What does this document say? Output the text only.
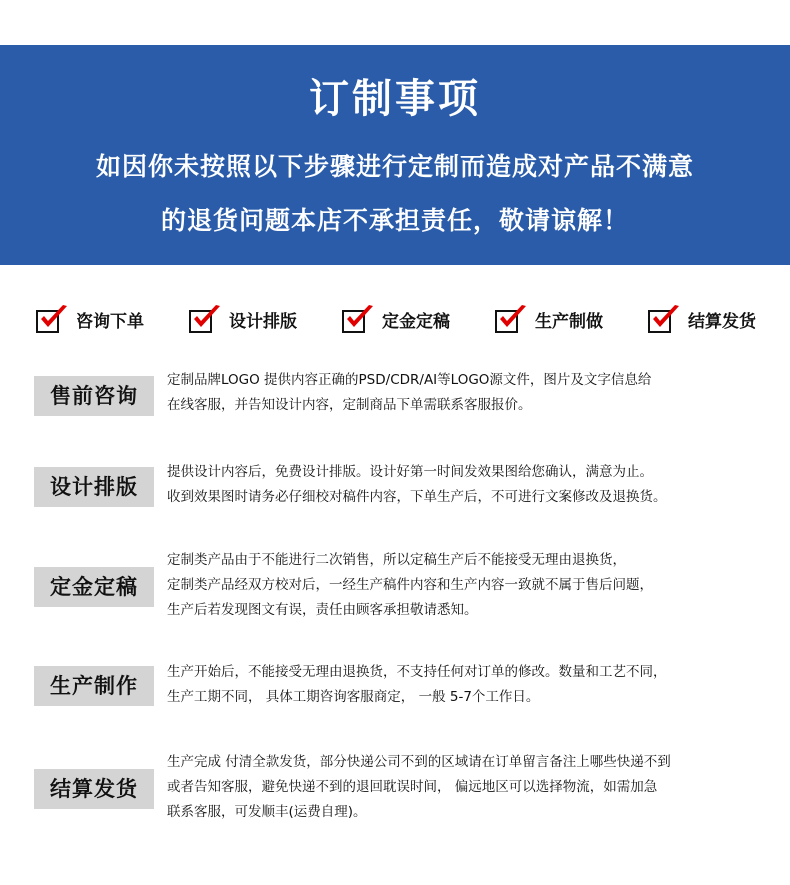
订制事项
如因你未按照以下步骤进行定制而造成对产品不满意
的退货问题本店不承担责任，敬请谅解！
咨询下单	设计排版	定金定稿	生产制做	结算发货
售前咨询
定制品牌LOGO 提供内容正确的PSD/CDR/AI等LOGO源文件，图片及文字信息给
在线客服，并告知设计内容，定制商品下单需联系客服报价。
设计排版
提供设计内容后，免费设计排版。设计好第一时间发效果图给您确认，满意为止。
收到效果图时请务必仔细校对稿件内容，下单生产后，不可进行文案修改及退换货。
定金定稿
定制类产品由于不能进行二次销售，所以定稿生产后不能接受无理由退换货，
定制类产品经双方校对后，一经生产稿件内容和生产内容一致就不属于售后问题，
生产后若发现图文有误，责任由顾客承担敬请悉知。
生产制作
生产开始后，不能接受无理由退换货，不支持任何对订单的修改。数量和工艺不同，
生产工期不同， 具体工期咨询客服商定， 一般 5-7个工作日。
结算发货
生产完成 付清全款发货，部分快递公司不到的区域请在订单留言备注上哪些快递不到
或者告知客服，避免快递不到的退回耽误时间， 偏远地区可以选择物流，如需加急
联系客服，可发顺丰(运费自理)。
